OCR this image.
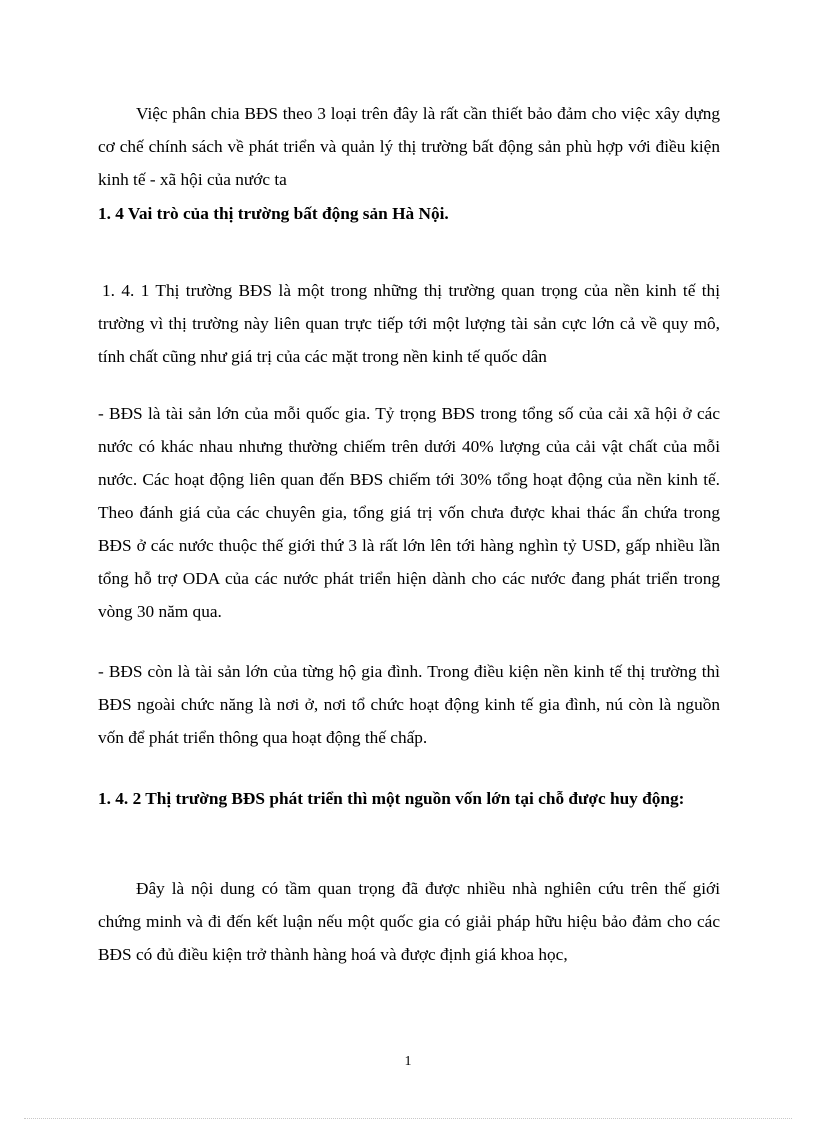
Việc phân chia BĐS theo 3 loại trên đây là rất cần thiết bảo đảm cho việc xây dựng cơ chế chính sách về phát triển và quản lý thị trường bất động sản phù hợp với điều kiện kinh tế - xã hội của nước ta

1. 4 Vai trò của thị trường bất động sản Hà Nội.

1. 4. 1 Thị trường BĐS là một trong những thị trường quan trọng của nền kinh tế thị trường vì thị trường này liên quan trực tiếp tới một lượng tài sản cực lớn cả về quy mô, tính chất cũng như giá trị của các mặt trong nền kinh tế quốc dân

- BĐS là tài sản lớn của mỗi quốc gia. Tỷ trọng BĐS trong tổng số của cải xã hội ở các nước có khác nhau nhưng thường chiếm trên dưới 40% lượng của cải vật chất của mỗi nước. Các hoạt động liên quan đến BĐS chiếm tới 30% tổng hoạt động của nền kinh tế. Theo đánh giá của các chuyên gia, tổng giá trị vốn chưa được khai thác ẩn chứa trong BĐS ở các nước thuộc thế giới thứ 3 là rất lớn lên tới hàng nghìn tỷ USD, gấp nhiều lần tổng hỗ trợ ODA của các nước phát triển hiện dành cho các nước đang phát triển trong vòng 30 năm qua.

- BĐS còn là tài sản lớn của từng hộ gia đình. Trong điều kiện nền kinh tế thị trường thì BĐS ngoài chức năng là nơi ở, nơi tổ chức hoạt động kinh tế gia đình, nú còn là nguồn vốn để phát triển thông qua hoạt động thế chấp.

1. 4. 2 Thị trường BĐS phát triển thì một nguồn vốn lớn tại chỗ được huy động:

Đây là nội dung có tầm quan trọng đã được nhiều nhà nghiên cứu trên thế giới chứng minh và đi đến kết luận nếu một quốc gia có giải pháp hữu hiệu bảo đảm cho các BĐS có đủ điều kiện trở thành hàng hoá và được định giá khoa học,

1
